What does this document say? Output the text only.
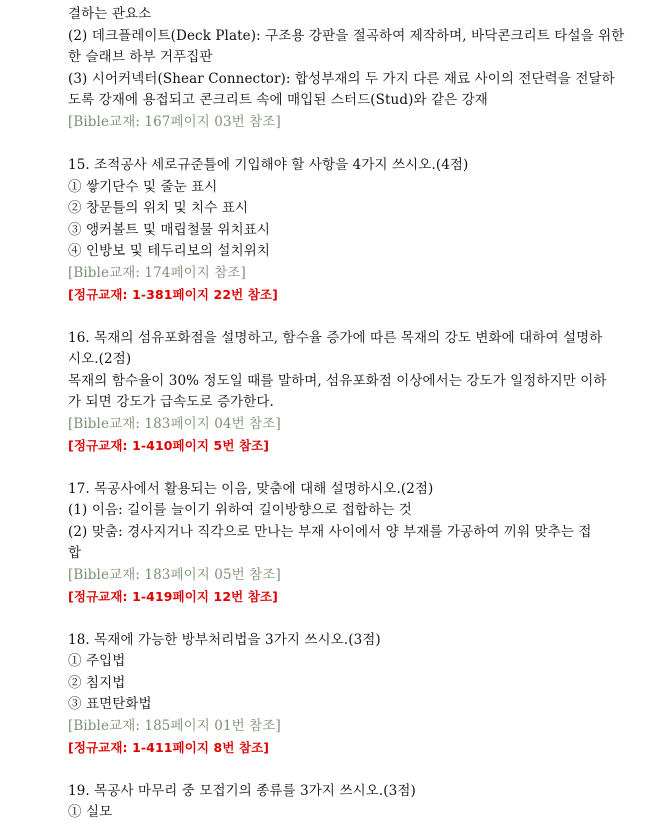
결하는 관요소
(2) 데크플레이트(Deck Plate): 구조용 강판을 절곡하여 제작하며, 바닥콘크리트 타설을 위한
한 슬래브 하부 거푸집판
(3) 시어커넥터(Shear Connector): 합성부재의 두 가지 다른 재료 사이의 전단력을 전달하
도록 강재에 용접되고 콘크리트 속에 매입된 스터드(Stud)와 같은 강재
[Bible교재: 167페이지 03번 참조]
15. 조적공사 세로규준틀에 기입해야 할 사항을 4가지 쓰시오.(4점)
① 쌓기단수 및 줄눈 표시
② 창문틀의 위치 및 치수 표시
③ 앵커볼트 및 매립철물 위치표시
④ 인방보 및 테두리보의 설치위치
[Bible교재: 174페이지 참조]
[정규교재: 1-381페이지 22번 참조]
16. 목재의 섬유포화점을 설명하고, 함수율 증가에 따른 목재의 강도 변화에 대하여 설명하
시오.(2점)
목재의 함수율이 30% 정도일 때를 말하며, 섬유포화점 이상에서는 강도가 일정하지만 이하
가 되면 강도가 급속도로 증가한다.
[Bible교재: 183페이지 04번 참조]
[정규교재: 1-410페이지 5번 참조]
17. 목공사에서 활용되는 이음, 맞춤에 대해 설명하시오.(2점)
(1) 이음: 길이를 늘이기 위하여 길이방향으로 접합하는 것
(2) 맞춤: 경사지거나 직각으로 만나는 부재 사이에서 양 부재를 가공하여 끼워 맞추는 접
합
[Bible교재: 183페이지 05번 참조]
[정규교재: 1-419페이지 12번 참조]
18. 목재에 가능한 방부처리법을 3가지 쓰시오.(3점)
① 주입법
② 침지법
③ 표면탄화법
[Bible교재: 185페이지 01번 참조]
[정규교재: 1-411페이지 8번 참조]
19. 목공사 마무리 중 모접기의 종류를 3가지 쓰시오.(3점)
① 실모
